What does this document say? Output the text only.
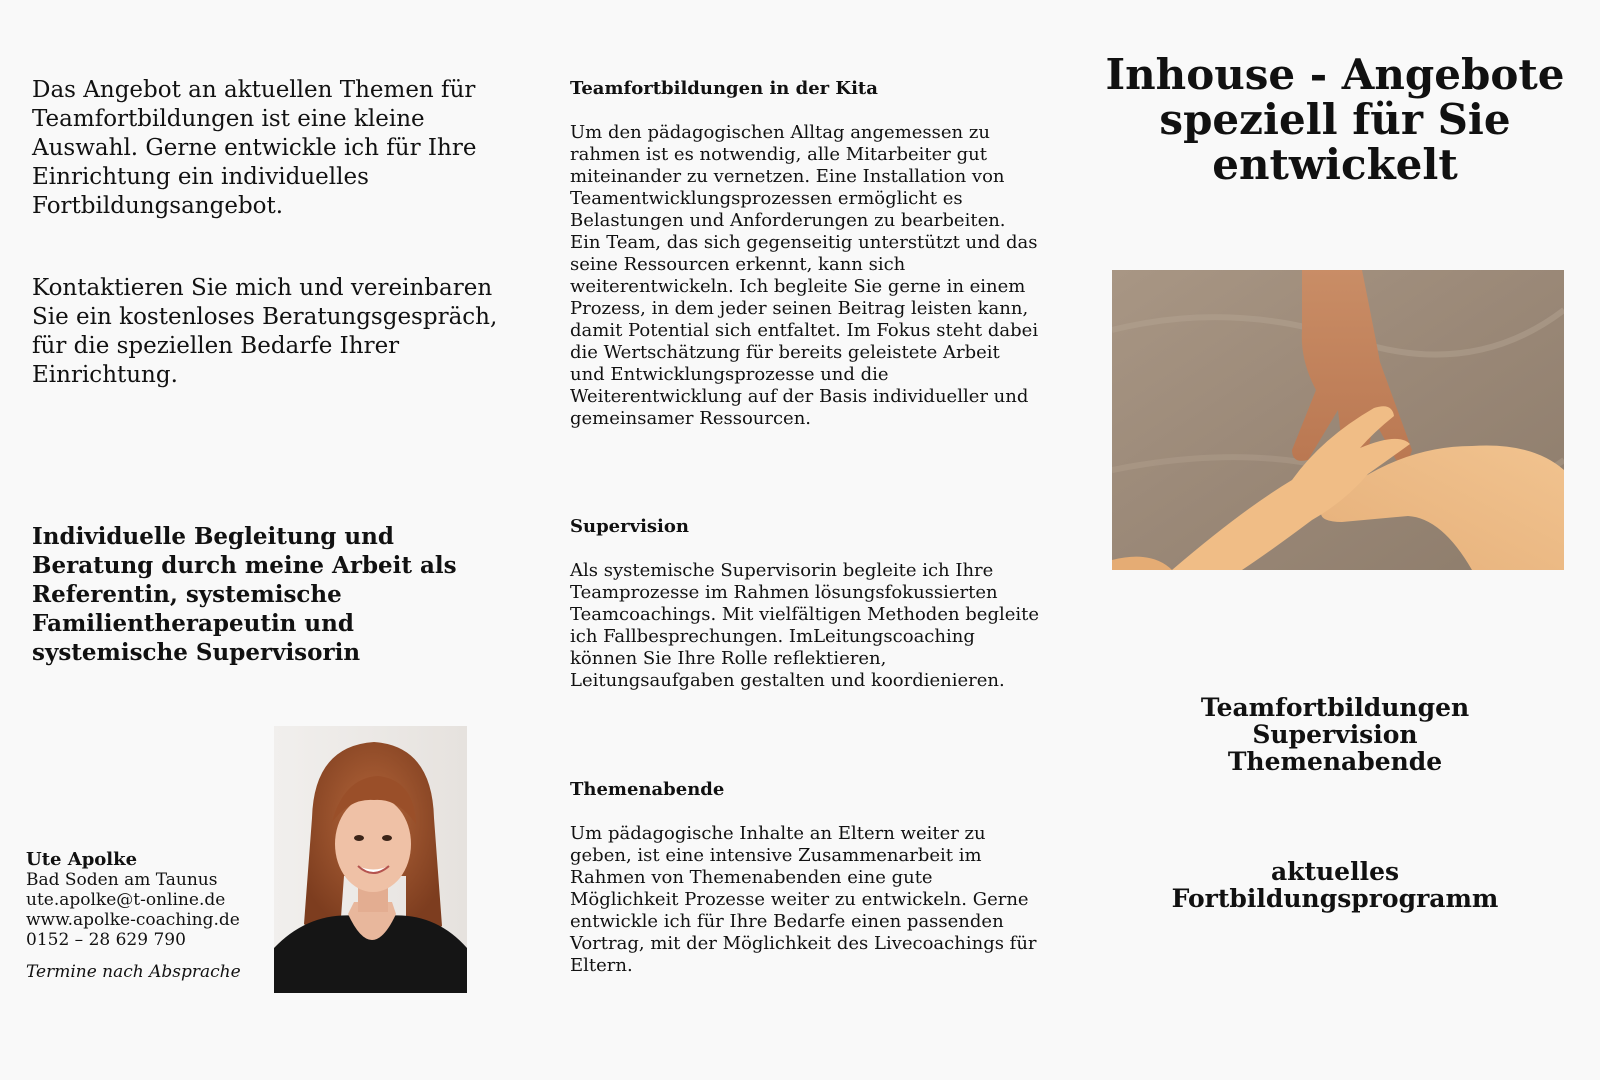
Das Angebot an aktuellen Themen für Teamfortbildungen ist eine kleine Auswahl. Gerne entwickle ich für Ihre Einrichtung ein individuelles Fortbildungsangebot.

Kontaktieren Sie mich und vereinbaren Sie ein kostenloses Beratungsgespräch, für die speziellen Bedarfe Ihrer Einrichtung.

Individuelle Begleitung und Beratung durch meine Arbeit als Referentin, systemische Familientherapeutin und systemische Supervisorin

Ute Apolke
Bad Soden am Taunus
ute.apolke@t-online.de
www.apolke-coaching.de
0152 – 28 629 790
Termine nach Absprache
Teamfortbildungen in der Kita

Um den pädagogischen Alltag angemessen zu rahmen ist es notwendig, alle Mitarbeiter gut miteinander zu vernetzen. Eine Installation von Teamentwicklungsprozessen ermöglicht es Belastungen und Anforderungen zu bearbeiten. Ein Team, das sich gegenseitig unterstützt und das seine Ressourcen erkennt, kann sich weiterentwickeln. Ich begleite Sie gerne in einem Prozess, in dem jeder seinen Beitrag leisten kann, damit Potential sich entfaltet. Im Fokus steht dabei die Wertschätzung für bereits geleistete Arbeit und Entwicklungsprozesse und die Weiterentwicklung auf der Basis individueller und gemeinsamer Ressourcen.

Supervision

Als systemische Supervisorin begleite ich Ihre Teamprozesse im Rahmen lösungsfokussierten Teamcoachings. Mit vielfältigen Methoden begleite ich Fallbesprechungen. ImLeitungscoaching können Sie Ihre Rolle reflektieren, Leitungsaufgaben gestalten und koordienieren.

Themenabende

Um pädagogische Inhalte an Eltern weiter zu geben, ist eine intensive Zusammenarbeit im Rahmen von Themenabenden eine gute Möglichkeit Prozesse weiter zu entwickeln. Gerne entwickle ich für Ihre Bedarfe einen passenden Vortrag, mit der Möglichkeit des Livecoachings für Eltern.

Inhouse - Angebote
speziell für Sie
entwickelt
Teamfortbildungen
Supervision
Themenabende
aktuelles
Fortbildungsprogramm
